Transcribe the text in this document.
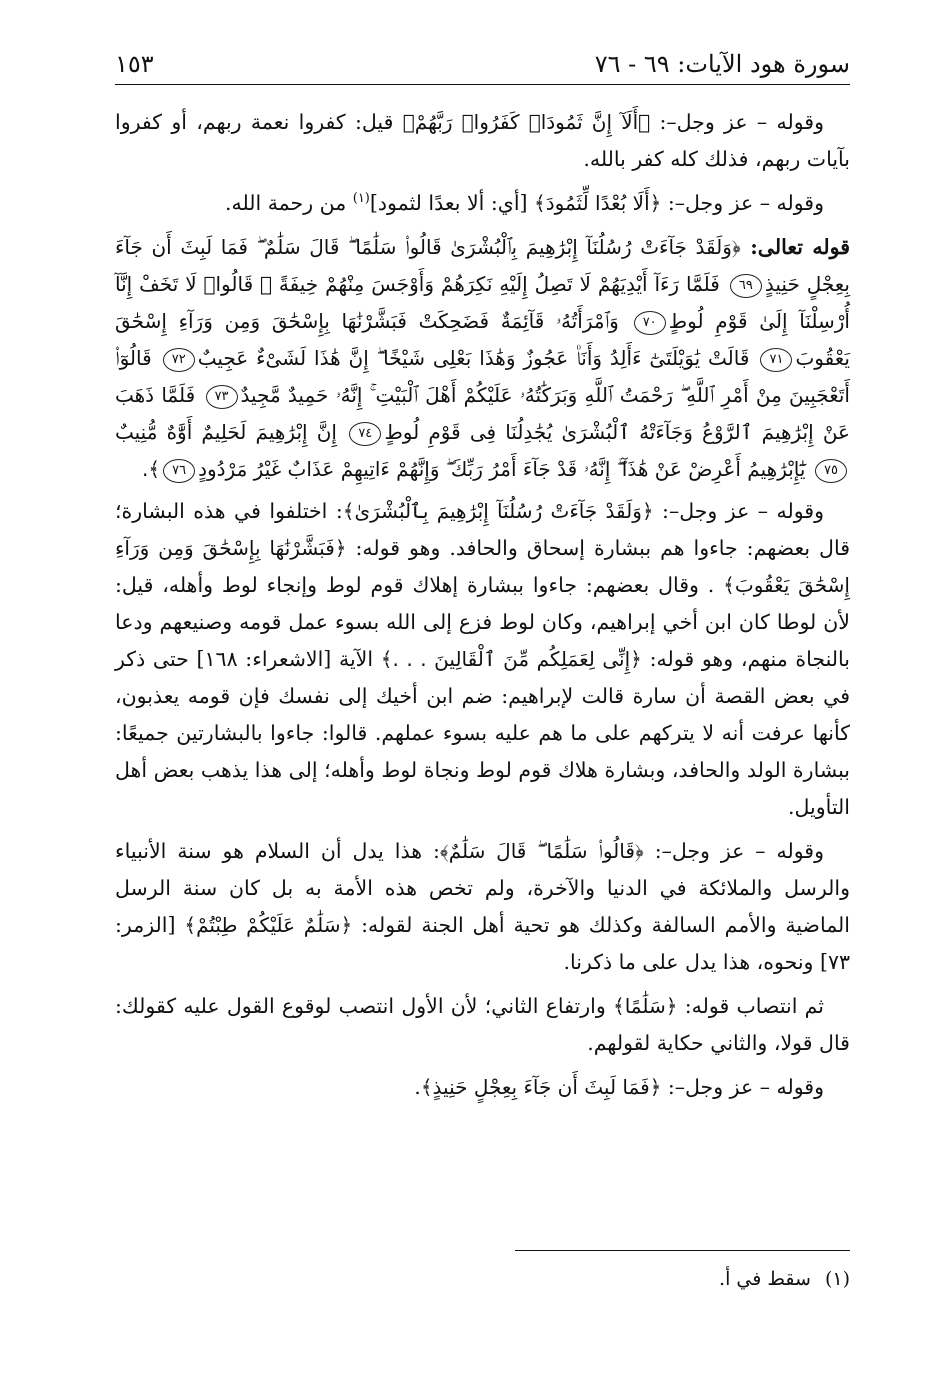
سورة هود الآيات: ٦٩ - ٧٦
١٥٣

وقوله – عز وجل–: ﴿أَلَآ إِنَّ ثَمُودَا۟ كَفَرُوا۟ رَبَّهُمْ﴾ قيل: كفروا نعمة ربهم، أو كفروا بآيات ربهم، فذلك كله كفر بالله.

وقوله – عز وجل–: ﴿أَلَا بُعْدًا لِّثَمُودَ﴾ [أي: ألا بعدًا لثمود]$^{(١)}$ من رحمة الله.

قوله تعالى: ﴿وَلَقَدْ جَآءَتْ رُسُلُنَآ إِبْرَٰهِيمَ بِٱلْبُشْرَىٰ قَالُوا۟ سَلَٰمًا ۖ قَالَ سَلَٰمٌ ۖ فَمَا لَبِثَ أَن جَآءَ بِعِجْلٍ حَنِيذٍ٦٩ فَلَمَّا رَءَآ أَيْدِيَهُمْ لَا تَصِلُ إِلَيْهِ نَكِرَهُمْ وَأَوْجَسَ مِنْهُمْ خِيفَةً ۚ قَالُوا۟ لَا تَخَفْ إِنَّآ أُرْسِلْنَآ إِلَىٰ قَوْمِ لُوطٍ٧٠ وَٱمْرَأَتُهُۥ قَآئِمَةٌ فَضَحِكَتْ فَبَشَّرْنَٰهَا بِإِسْحَٰقَ وَمِن وَرَآءِ إِسْحَٰقَ يَعْقُوبَ٧١ قَالَتْ يَٰوَيْلَتَىٰٓ ءَأَلِدُ وَأَنَا۠ عَجُوزٌ وَهَٰذَا بَعْلِى شَيْخًا ۖ إِنَّ هَٰذَا لَشَىْءٌ عَجِيبٌ٧٢ قَالُوٓا۟ أَتَعْجَبِينَ مِنْ أَمْرِ ٱللَّهِ ۖ رَحْمَتُ ٱللَّهِ وَبَرَكَٰتُهُۥ عَلَيْكُمْ أَهْلَ ٱلْبَيْتِ ۚ إِنَّهُۥ حَمِيدٌ مَّجِيدٌ٧٣ فَلَمَّا ذَهَبَ عَنْ إِبْرَٰهِيمَ ٱلرَّوْعُ وَجَآءَتْهُ ٱلْبُشْرَىٰ يُجَٰدِلُنَا فِى قَوْمِ لُوطٍ٧٤ إِنَّ إِبْرَٰهِيمَ لَحَلِيمٌ أَوَّٰهٌ مُّنِيبٌ٧٥ يَٰٓإِبْرَٰهِيمُ أَعْرِضْ عَنْ هَٰذَآ ۖ إِنَّهُۥ قَدْ جَآءَ أَمْرُ رَبِّكَ ۖ وَإِنَّهُمْ ءَاتِيهِمْ عَذَابٌ غَيْرُ مَرْدُودٍ٧٦﴾.

وقوله – عز وجل–: ﴿وَلَقَدْ جَآءَتْ رُسُلُنَآ إِبْرَٰهِيمَ بِٱلْبُشْرَىٰ﴾: اختلفوا في هذه البشارة؛ قال بعضهم: جاءوا هم ببشارة إسحاق والحافد. وهو قوله: ﴿فَبَشَّرْنَٰهَا بِإِسْحَٰقَ وَمِن وَرَآءِ إِسْحَٰقَ يَعْقُوبَ﴾ . وقال بعضهم: جاءوا ببشارة إهلاك قوم لوط وإنجاء لوط وأهله، قيل: لأن لوطا كان ابن أخي إبراهيم، وكان لوط فزع إلى الله بسوء عمل قومه وصنيعهم ودعا بالنجاة منهم، وهو قوله: ﴿إِنِّى لِعَمَلِكُم مِّنَ ٱلْقَالِينَ . . .﴾ الآية [الاشعراء: ١٦٨] حتى ذكر في بعض القصة أن سارة قالت لإبراهيم: ضم ابن أخيك إلى نفسك فإن قومه يعذبون، كأنها عرفت أنه لا يتركهم على ما هم عليه بسوء عملهم. قالوا: جاءوا بالبشارتين جميعًا: ببشارة الولد والحافد، وبشارة هلاك قوم لوط ونجاة لوط وأهله؛ إلى هذا يذهب بعض أهل التأويل.

وقوله – عز وجل–: ﴿قَالُوا۟ سَلَٰمًا ۖ قَالَ سَلَٰمٌ﴾: هذا يدل أن السلام هو سنة الأنبياء والرسل والملائكة في الدنيا والآخرة، ولم تخص هذه الأمة به بل كان سنة الرسل الماضية والأمم السالفة وكذلك هو تحية أهل الجنة لقوله: ﴿سَلَٰمٌ عَلَيْكُمْ طِبْتُمْ﴾ [الزمر: ٧٣] ونحوه، هذا يدل على ما ذكرنا.

ثم انتصاب قوله: ﴿سَلَٰمًا﴾ وارتفاع الثاني؛ لأن الأول انتصب لوقوع القول عليه كقولك: قال قولا، والثاني حكاية لقولهم.

وقوله – عز وجل–: ﴿فَمَا لَبِثَ أَن جَآءَ بِعِجْلٍ حَنِيذٍ﴾.

(١)سقط في أ.
